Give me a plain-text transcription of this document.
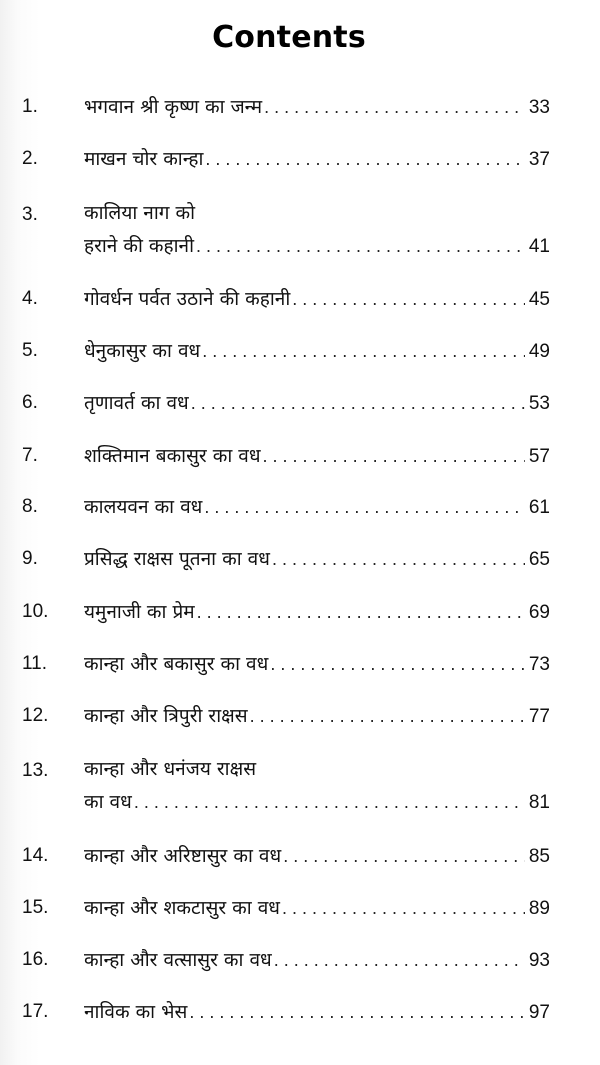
Contents
1.	भगवान श्री कृष्ण का जन्म . . .	33
2.	माखन चोर कान्हा . . .	37
3.	कालिया नाग को
हराने की कहानी . . .	41
4.	गोवर्धन पर्वत उठाने की कहानी . . .	45
5.	धेनुकासुर का वध . . .	49
6.	तृणावर्त का वध . . .	53
7.	शक्तिमान बकासुर का वध . . .	57
8.	कालयवन का वध . . .	61
9.	प्रसिद्ध राक्षस पूतना का वध . . .	65
10.	यमुनाजी का प्रेम . . .	69
11.	कान्हा और बकासुर का वध . . .	73
12.	कान्हा और त्रिपुरी राक्षस . . .	77
13.	कान्हा और धनंजय राक्षस
का वध . . .	81
14.	कान्हा और अरिष्टासुर का वध . . .	85
15.	कान्हा और शकटासुर का वध . . .	89
16.	कान्हा और वत्सासुर का वध . . .	93
17.	नाविक का भेस . . .	97
